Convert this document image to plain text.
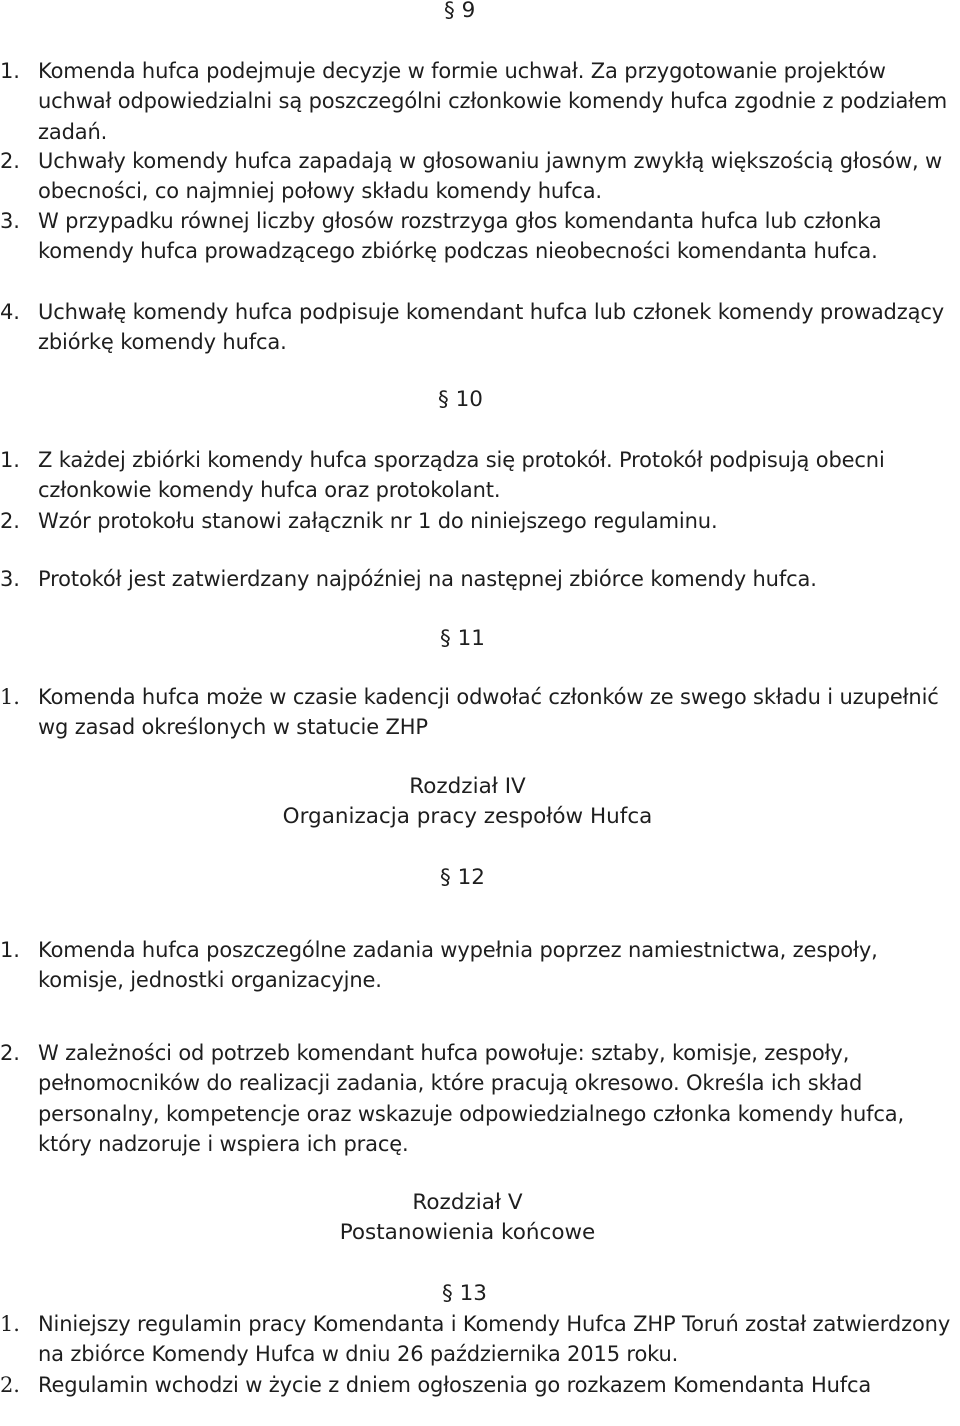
§ 9
1. Komenda hufca podejmuje decyzje w formie uchwał. Za przygotowanie projektów uchwał odpowiedzialni są poszczególni członkowie komendy hufca zgodnie z podziałem zadań.
2. Uchwały komendy hufca zapadają w głosowaniu jawnym zwykłą większością głosów, w obecności, co najmniej połowy składu komendy hufca.
3. W przypadku równej liczby głosów rozstrzyga głos komendanta hufca lub członka komendy hufca prowadzącego zbiórkę podczas nieobecności komendanta hufca.
4. Uchwałę komendy hufca podpisuje komendant hufca lub członek komendy prowadzący zbiórkę komendy hufca.
§ 10
1. Z każdej zbiórki komendy hufca sporządza się protokół. Protokół podpisują obecni członkowie komendy hufca oraz protokolant.
2. Wzór protokołu stanowi załącznik nr 1 do niniejszego regulaminu.
3. Protokół jest zatwierdzany najpóźniej na następnej zbiórce komendy hufca.
§ 11
1. Komenda hufca może w czasie kadencji odwołać członków ze swego składu i uzupełnić wg zasad określonych w statucie ZHP
Rozdział IV
Organizacja pracy zespołów Hufca
§ 12
1. Komenda hufca poszczególne zadania wypełnia poprzez namiestnictwa, zespoły, komisje, jednostki organizacyjne.
2. W zależności od potrzeb komendant hufca powołuje: sztaby, komisje, zespoły, pełnomocników do realizacji zadania, które pracują okresowo. Określa ich skład personalny, kompetencje oraz wskazuje odpowiedzialnego członka komendy hufca, który nadzoruje i wspiera ich pracę.
Rozdział V
Postanowienia końcowe
§ 13
1. Niniejszy regulamin pracy Komendanta i Komendy Hufca ZHP Toruń został zatwierdzony na zbiórce Komendy Hufca w dniu 26 października 2015 roku.
2. Regulamin wchodzi w życie z dniem ogłoszenia go rozkazem Komendanta Hufca
